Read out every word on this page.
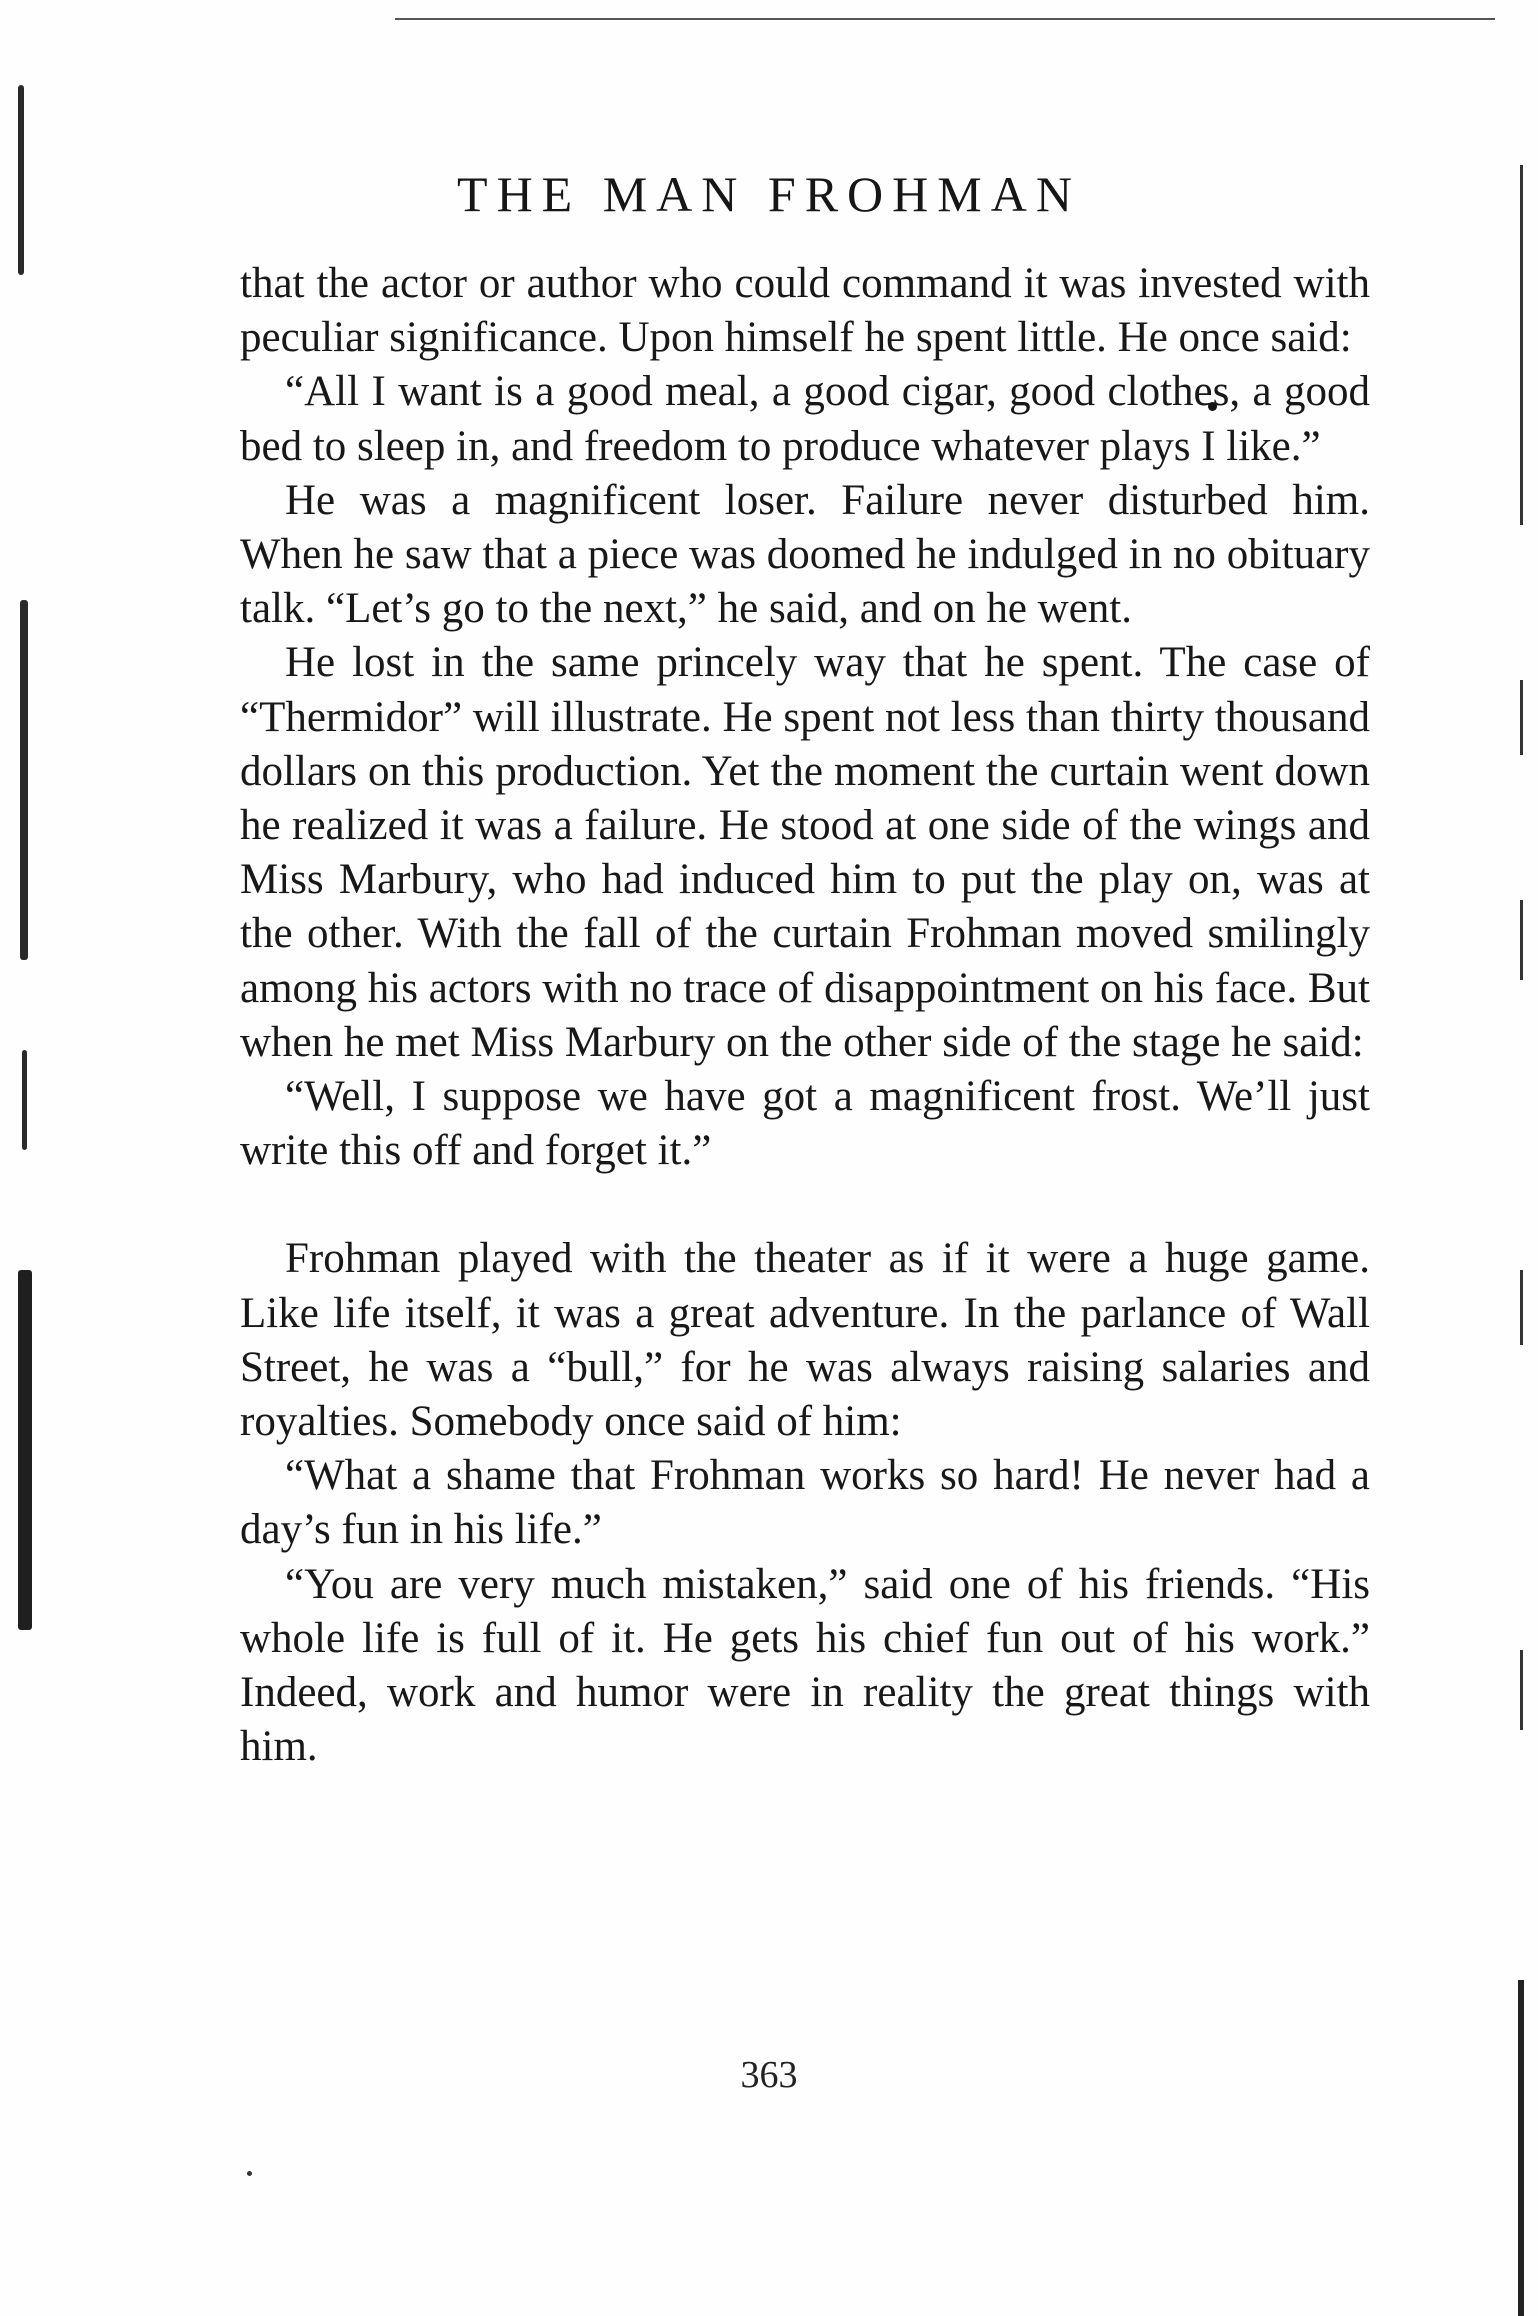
THE MAN FROHMAN

that the actor or author who could command it was invested with peculiar significance. Upon himself he spent little. He once said:

“All I want is a good meal, a good cigar, good clothes, a good bed to sleep in, and freedom to produce whatever plays I like.”

He was a magnificent loser. Failure never disturbed him. When he saw that a piece was doomed he indulged in no obituary talk. “Let’s go to the next,” he said, and on he went.

He lost in the same princely way that he spent. The case of “Thermidor” will illustrate. He spent not less than thirty thousand dollars on this production. Yet the moment the curtain went down he realized it was a failure. He stood at one side of the wings and Miss Marbury, who had induced him to put the play on, was at the other. With the fall of the curtain Frohman moved smilingly among his actors with no trace of disappointment on his face. But when he met Miss Marbury on the other side of the stage he said:

“Well, I suppose we have got a magnificent frost. We’ll just write this off and forget it.”

Frohman played with the theater as if it were a huge game. Like life itself, it was a great adventure. In the parlance of Wall Street, he was a “bull,” for he was always raising salaries and royalties. Somebody once said of him:

“What a shame that Frohman works so hard! He never had a day’s fun in his life.”

“You are very much mistaken,” said one of his friends. “His whole life is full of it. He gets his chief fun out of his work.” Indeed, work and humor were in reality the great things with him.

363
